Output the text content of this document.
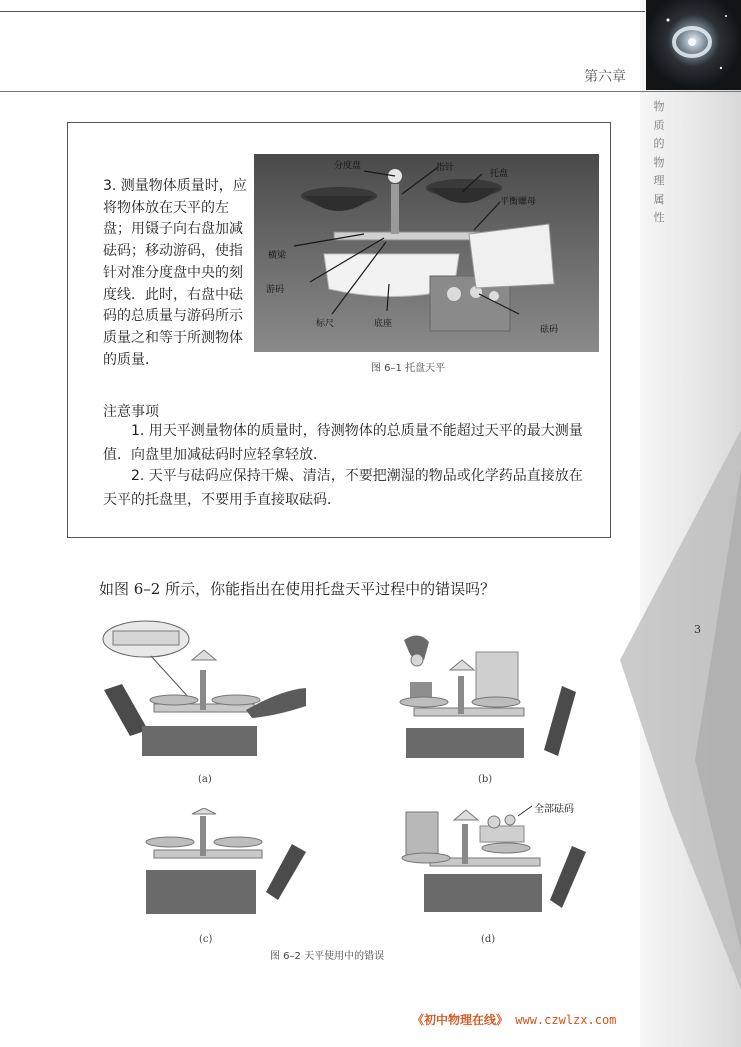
第六章
物
质
的
物
理
属
性
3
3. 测量物体质量时，应将物体放在天平的左盘；用镊子向右盘加减砝码；移动游码，使指针对准分度盘中央的刻度线．此时，右盘中砝码的总质量与游码所示质量之和等于所测物体的质量．
分度盘	指针
托盘
平衡螺母
横梁
游码
标尺	底座
砝码
图 6–1 托盘天平
注意事项
1. 用天平测量物体的质量时，待测物体的总质量不能超过天平的最大测量值．向盘里加减砝码时应轻拿轻放．
2. 天平与砝码应保持干燥、清洁，不要把潮湿的物品或化学药品直接放在天平的托盘里，不要用手直接取砝码．
如图 6–2 所示，你能指出在使用托盘天平过程中的错误吗？
(a)	(b)
(c)
全部砝码
(d)
图 6–2 天平使用中的错误
《初中物理在线》 www.czwlzx.com
